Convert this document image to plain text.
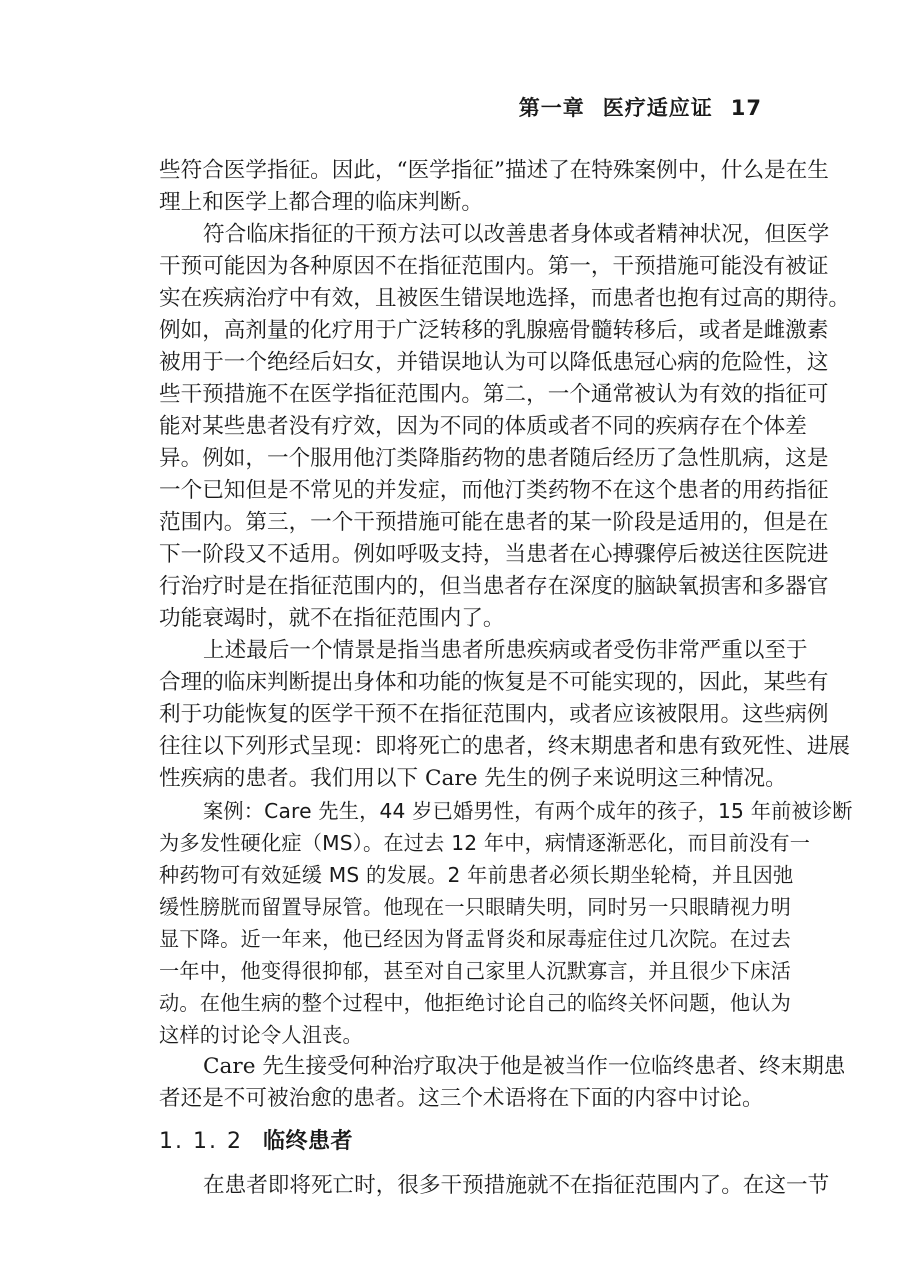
第一章 医疗适应证 17
些符合医学指征。因此，“医学指征”描述了在特殊案例中，什么是在生
理上和医学上都合理的临床判断。
符合临床指征的干预方法可以改善患者身体或者精神状况，但医学
干预可能因为各种原因不在指征范围内。第一，干预措施可能没有被证
实在疾病治疗中有效，且被医生错误地选择，而患者也抱有过高的期待。
例如，高剂量的化疗用于广泛转移的乳腺癌骨髓转移后，或者是雌激素
被用于一个绝经后妇女，并错误地认为可以降低患冠心病的危险性，这
些干预措施不在医学指征范围内。第二，一个通常被认为有效的指征可
能对某些患者没有疗效，因为不同的体质或者不同的疾病存在个体差
异。例如，一个服用他汀类降脂药物的患者随后经历了急性肌病，这是
一个已知但是不常见的并发症，而他汀类药物不在这个患者的用药指征
范围内。第三，一个干预措施可能在患者的某一阶段是适用的，但是在
下一阶段又不适用。例如呼吸支持，当患者在心搏骤停后被送往医院进
行治疗时是在指征范围内的，但当患者存在深度的脑缺氧损害和多器官
功能衰竭时，就不在指征范围内了。
上述最后一个情景是指当患者所患疾病或者受伤非常严重以至于
合理的临床判断提出身体和功能的恢复是不可能实现的，因此，某些有
利于功能恢复的医学干预不在指征范围内，或者应该被限用。这些病例
往往以下列形式呈现：即将死亡的患者，终末期患者和患有致死性、进展
性疾病的患者。我们用以下 Care 先生的例子来说明这三种情况。
案例：Care 先生，44 岁已婚男性，有两个成年的孩子，15 年前被诊断
为多发性硬化症（MS）。在过去 12 年中，病情逐渐恶化，而目前没有一
种药物可有效延缓 MS 的发展。2 年前患者必须长期坐轮椅，并且因弛
缓性膀胱而留置导尿管。他现在一只眼睛失明，同时另一只眼睛视力明
显下降。近一年来，他已经因为肾盂肾炎和尿毒症住过几次院。在过去
一年中，他变得很抑郁，甚至对自己家里人沉默寡言，并且很少下床活
动。在他生病的整个过程中，他拒绝讨论自己的临终关怀问题，他认为
这样的讨论令人沮丧。
Care 先生接受何种治疗取决于他是被当作一位临终患者、终末期患
者还是不可被治愈的患者。这三个术语将在下面的内容中讨论。
1. 1. 2 临终患者
在患者即将死亡时，很多干预措施就不在指征范围内了。在这一节
